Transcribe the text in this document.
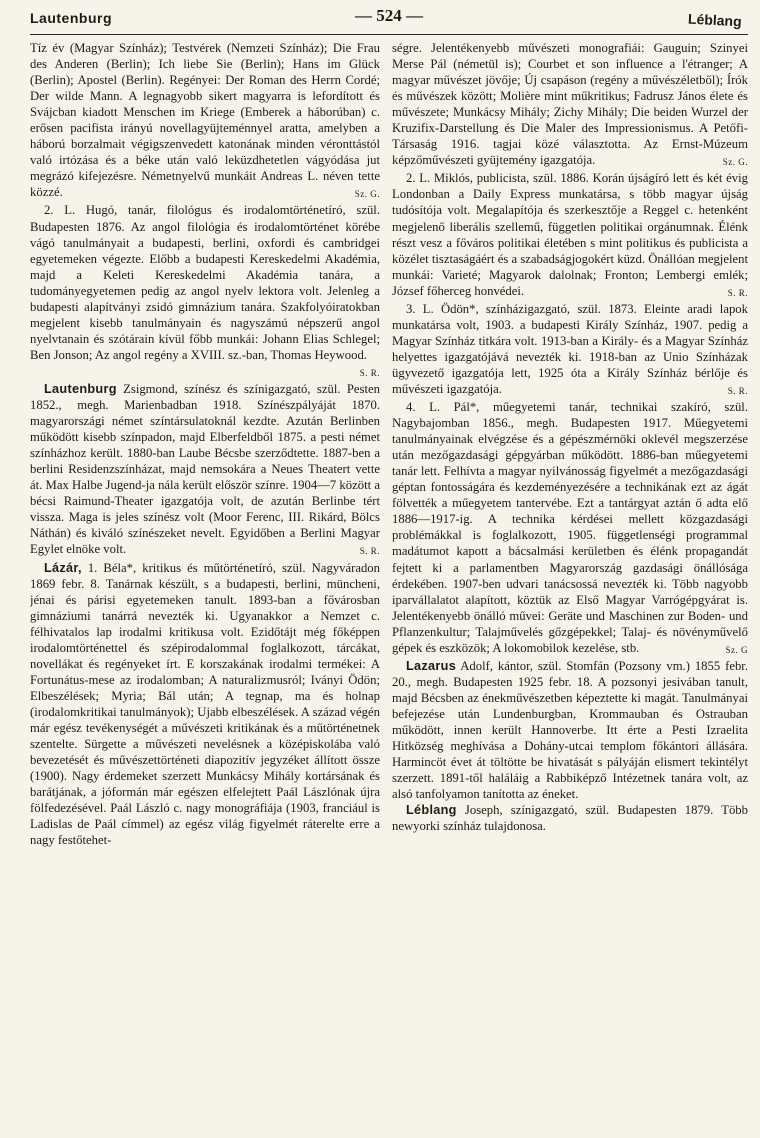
Lautenburg	— 524 —	Léblang

Tíz év (Magyar Színház); Testvérek (Nemzeti Színház); Die Frau des Anderen (Berlin); Ich liebe Sie (Berlin); Hans im Glück (Berlin); Apostel (Berlin). Regényei: Der Roman des Herrn Cordé; Der wilde Mann. A legnagyobb sikert magyarra is lefordított és Svájcban kiadott Menschen im Kriege (Emberek a háborúban) c. erősen pacifista irányú novellagyüjteménnyel aratta, amelyben a háború borzalmait végigszenvedett katonának minden véronttástól való irtózása és a béke után való leküzdhetetlen vágyódása jut megrázó kifejezésre. Németnyelvű munkáit Andreas L. néven tette közzé.	Sz. G.

2. L. Hugó, tanár, filológus és irodalomtörténetíró, szül. Budapesten 1876. Az angol filológia és irodalomtörténet körébe vágó tanulmányait a budapesti, berlini, oxfordi és cambridgei egyetemeken végezte. Előbb a budapesti Kereskedelmi Akadémia, majd a Keleti Kereskedelmi Akadémia tanára, a tudományegyetemen pedig az angol nyelv lektora volt. Jelenleg a budapesti alapítványi zsidó gimnázium tanára. Szakfolyóiratokban megjelent kisebb tanulmányain és nagyszámú népszerű angol nyelvtanain és szótárain kívül főbb munkái: Johann Elias Schlegel; Ben Jonson; Az angol regény a XVIII. sz.-ban, Thomas Heywood.
S. R.

Lautenburg Zsigmond, színész és színigazgató, szül. Pesten 1852., megh. Marienbadban 1918. Színészpályáját 1870. magyarországi német színtársulatoknál kezdte. Azután Berlinben működött kisebb színpadon, majd Elberfeldből 1875. a pesti német színházhoz került. 1880-ban Laube Bécsbe szerződtette. 1887-ben a berlini Residenzszínházat, majd nemsokára a Neues Theatert vette át. Max Halbe Jugend-ja nála került először színre. 1904—7 között a bécsi Raimund-Theater igazgatója volt, de azután Berlinbe tért vissza. Maga is jeles színész volt (Moor Ferenc, III. Rikárd, Bölcs Náthán) és kiváló színészeket nevelt. Egyidőben a Berlini Magyar Egylet elnöke volt.	S. R.

Lázár, 1. Béla*, kritikus és műtörténetíró, szül. Nagyváradon 1869 febr. 8. Tanárnak készült, s a budapesti, berlini, müncheni, jénai és párisi egyetemeken tanult. 1893-ban a fővárosban gimnáziumi tanárrá nevezték ki. Ugyanakkor a Nemzet c. félhivatalos lap irodalmi kritikusa volt. Ezidőtájt még főképpen irodalomtörténettel és szépirodalommal foglalkozott, tárcákat, novellákat és regényeket írt. E korszakának irodalmi termékei: A Fortunátus-mese az irodalomban; A naturalizmusról; Iványi Ödön; Elbeszélések; Myria; Bál után; A tegnap, ma és holnap (irodalomkritikai tanulmányok); Ujabb elbeszélések. A század végén már egész tevékenységét a művészeti kritikának és a műtörténetnek szentelte. Sürgette a művészeti nevelésnek a középiskolába való bevezetését és művészettörténeti diapozitív jegyzéket állított össze (1900). Nagy érdemeket szerzett Munkácsy Mihály kortársának és barátjának, a jóformán már egészen elfelejtett Paál Lászlónak újra fölfedezésével. Paál László c. nagy monográfiája (1903, franciául is Ladislas de Paál címmel) az egész világ figyelmét ráterelte erre a nagy festőtehet-

ségre. Jelentékenyebb művészeti monografiái: Gauguin; Szinyei Merse Pál (németül is); Courbet et son influence a l'étranger; A magyar művészet jövője; Új csapáson (regény a művészéletből); Írók és művészek között; Molière mint műkritikus; Fadrusz János élete és művészete; Munkácsy Mihály; Zichy Mihály; Die beiden Wurzel der Kruzifix-Darstellung és Die Maler des Impressionismus. A Petőfi-Társaság 1916. tagjai közé választotta. Az Ernst-Múzeum képzőművészeti gyüjtemény igazgatója.	Sz. G.

2. L. Miklós, publicista, szül. 1886. Korán újságíró lett és két évig Londonban a Daily Express munkatársa, s több magyar újság tudósítója volt. Megalapítója és szerkesztője a Reggel c. hetenként megjelenő liberális szellemű, független politikai orgánumnak. Élénk részt vesz a főváros politikai életében s mint politikus és publicista a közélet tisztaságáért és a szabadságjogokért küzd. Önállóan megjelent munkái: Varieté; Magyarok dalolnak; Fronton; Lembergi emlék; József főherceg honvédei.	S. R.

3. L. Ödön*, színházigazgató, szül. 1873. Eleinte aradi lapok munkatársa volt, 1903. a budapesti Király Színház, 1907. pedig a Magyar Színház titkára volt. 1913-ban a Király- és a Magyar Színház helyettes igazgatójává nevezték ki. 1918-ban az Unio Színházak ügyvezető igazgatója lett, 1925 óta a Király Színház bérlője és művészeti igazgatója.	S. R.

4. L. Pál*, műegyetemi tanár, technikai szakíró, szül. Nagybajomban 1856., megh. Budapesten 1917. Műegyetemi tanulmányainak elvégzése és a gépészmérnöki oklevél megszerzése után mezőgazdasági gépgyárban működött. 1886-ban műegyetemi tanár lett. Felhívta a magyar nyilvánosság figyelmét a mezőgazdasági géptan fontosságára és kezdeményezésére a technikának ezt az ágát fölvették a műegyetem tantervébe. Ezt a tantárgyat aztán ő adta elő 1886—1917-ig. A technika kérdései mellett közgazdasági problémákkal is foglalkozott, 1905. függetlenségi programmal madátumot kapott a bácsalmási kerületben és élénk propagandát fejtett ki a parlamentben Magyarország gazdasági önállósága érdekében. 1907-ben udvari tanácsossá nevezték ki. Több nagyobb iparvállalatot alapított, köztük az Első Magyar Varrógépgyárat is. Jelentékenyebb önálló művei: Geräte und Maschinen zur Boden- und Pflanzenkultur; Talajművelés gőzgépekkel; Talaj- és növényművelő gépek és eszközök; A lokomobilok kezelése, stb.	Sz. G

Lazarus Adolf, kántor, szül. Stomfán (Pozsony vm.) 1855 febr. 20., megh. Budapesten 1925 febr. 18. A pozsonyi jesivában tanult, majd Bécsben az énekművészetben képeztette ki magát. Tanulmányai befejezése után Lundenburgban, Krommauban és Ostrauban működött, innen került Hannoverbe. Itt érte a Pesti Izraelita Hitközség meghívása a Dohány-utcai templom főkántori állására. Harmincöt évet át töltötte be hivatását s pályáján elismert tekintélyt szerzett. 1891-től haláláig a Rabbiképző Intézetnek tanára volt, az alsó tanfolyamon tanította az éneket.

Léblang Joseph, színigazgató, szül. Budapesten 1879. Több newyorki színház tulajdonosa.
